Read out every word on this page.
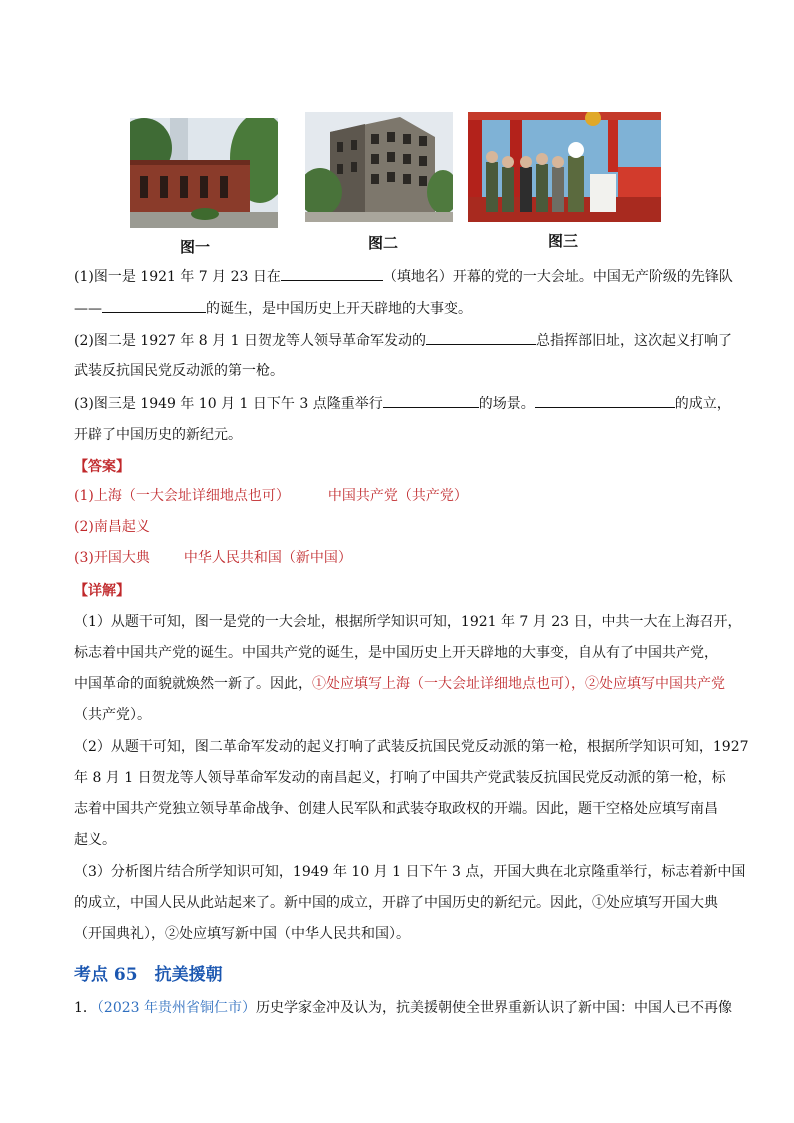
图一	图二	图三
(1)图一是 1921 年 7 月 23 日在	（填地名）开幕的党的一大会址。中国无产阶级的先锋队
——	的诞生，是中国历史上开天辟地的大事变。
(2)图二是 1927 年 8 月 1 日贺龙等人领导革命军发动的	总指挥部旧址，这次起义打响了
武装反抗国民党反动派的第一枪。
(3)图三是 1949 年 10 月 1 日下午 3 点隆重举行	的场景。	的成立，
开辟了中国历史的新纪元。
【答案】
(1)上海（一大会址详细地点也可）	中国共产党（共产党）
(2)南昌起义
(3)开国大典 中华人民共和国（新中国）
【详解】
（1）从题干可知，图一是党的一大会址，根据所学知识可知，1921 年 7 月 23 日，中共一大在上海召开，
标志着中国共产党的诞生。中国共产党的诞生，是中国历史上开天辟地的大事变，自从有了中国共产党，
中国革命的面貌就焕然一新了。因此，①处应填写上海（一大会址详细地点也可），②处应填写中国共产党
（共产党）。
（2）从题干可知，图二革命军发动的起义打响了武装反抗国民党反动派的第一枪，根据所学知识可知，1927
年 8 月 1 日贺龙等人领导革命军发动的南昌起义，打响了中国共产党武装反抗国民党反动派的第一枪，标
志着中国共产党独立领导革命战争、创建人民军队和武装夺取政权的开端。因此，题干空格处应填写南昌
起义。
（3）分析图片结合所学知识可知，1949 年 10 月 1 日下午 3 点，开国大典在北京隆重举行，标志着新中国
的成立，中国人民从此站起来了。新中国的成立，开辟了中国历史的新纪元。因此，①处应填写开国大典
（开国典礼），②处应填写新中国（中华人民共和国）。
考点 65　抗美援朝
1．（2023 年贵州省铜仁市）历史学家金冲及认为，抗美援朝使全世界重新认识了新中国：中国人已不再像
